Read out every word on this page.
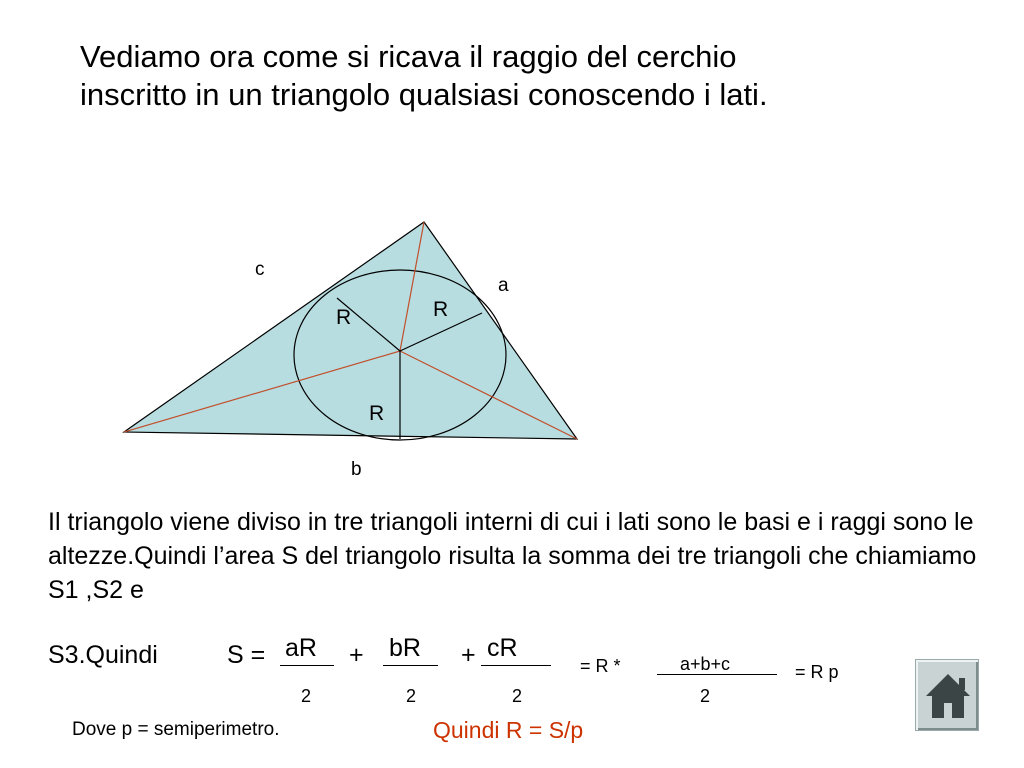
Vediamo ora come si ricava il raggio del cerchio inscritto in un triangolo qualsiasi conoscendo i lati.
c
a
b
R	R
R
Il triangolo viene diviso in tre triangoli interni di cui i lati sono le basi e i raggi sono le altezze.Quindi l’area S del triangolo risulta la somma dei tre triangoli che chiamiamo S1 ,S2 e
S3.Quindi	S = aR + bR + cR
2	2	2
= R *	a+b+c
2
= R p
Dove p = semiperimetro.	Quindi R = S/p
